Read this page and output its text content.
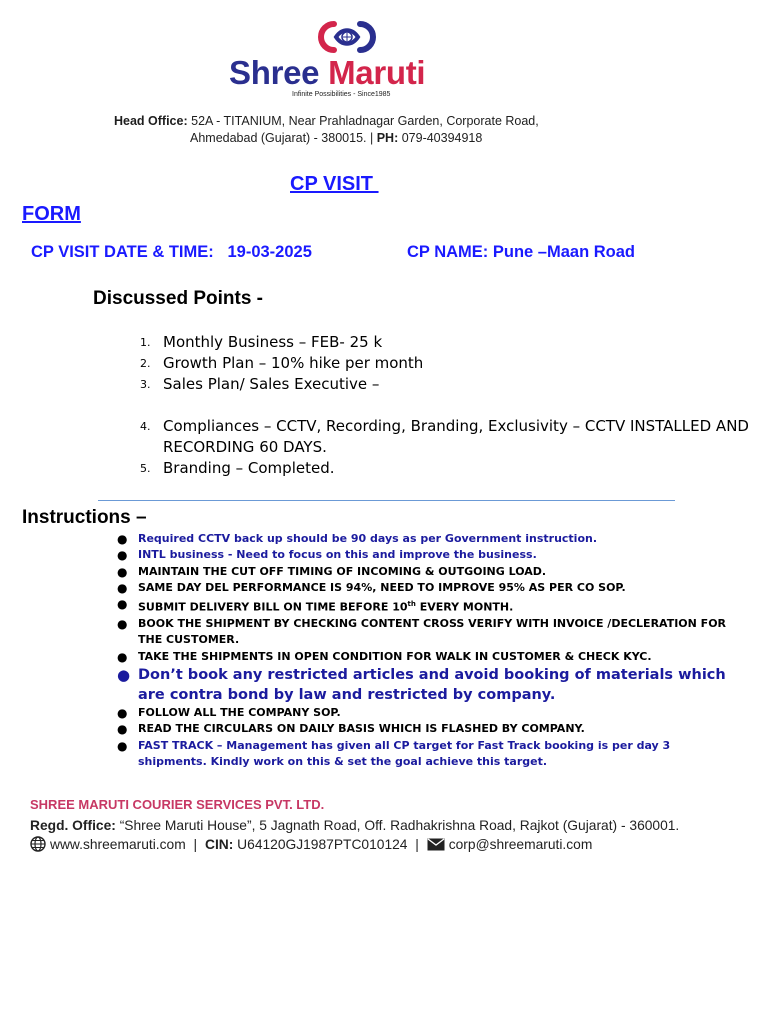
Shree Maruti
Infinite Possibilities - Since1985
Head Office: 52A - TITANIUM, Near Prahladnagar Garden, Corporate Road,
Ahmedabad (Gujarat) - 380015. | PH: 079-40394918
CP VISIT
FORM
CP VISIT DATE & TIME:   19-03-2025	CP NAME: Pune –Maan Road
Discussed Points -
1. Monthly Business – FEB- 25 k
2. Growth Plan – 10% hike per month
3. Sales Plan/ Sales Executive –
4. Compliances – CCTV, Recording, Branding, Exclusivity – CCTV INSTALLED AND RECORDING 60 DAYS.
5. Branding – Completed.
Instructions –
● Required CCTV back up should be 90 days as per Government instruction.
● INTL business - Need to focus on this and improve the business.
● MAINTAIN THE CUT OFF TIMING OF INCOMING & OUTGOING LOAD.
● SAME DAY DEL PERFORMANCE IS 94%, NEED TO IMPROVE 95% AS PER CO SOP.
● SUBMIT DELIVERY BILL ON TIME BEFORE 10th EVERY MONTH.
● BOOK THE SHIPMENT BY CHECKING CONTENT CROSS VERIFY WITH INVOICE /DECLERATION FOR THE CUSTOMER.
● TAKE THE SHIPMENTS IN OPEN CONDITION FOR WALK IN CUSTOMER & CHECK KYC.
● Don’t book any restricted articles and avoid booking of materials which are contra bond by law and restricted by company.
● FOLLOW ALL THE COMPANY SOP.
● READ THE CIRCULARS ON DAILY BASIS WHICH IS FLASHED BY COMPANY.
● FAST TRACK – Management has given all CP target for Fast Track booking is per day 3 shipments. Kindly work on this & set the goal achieve this target.
SHREE MARUTI COURIER SERVICES PVT. LTD.
Regd. Office: “Shree Maruti House”, 5 Jagnath Road, Off. Radhakrishna Road, Rajkot (Gujarat) - 360001.
www.shreemaruti.com | CIN: U64120GJ1987PTC010124 | corp@shreemaruti.com
